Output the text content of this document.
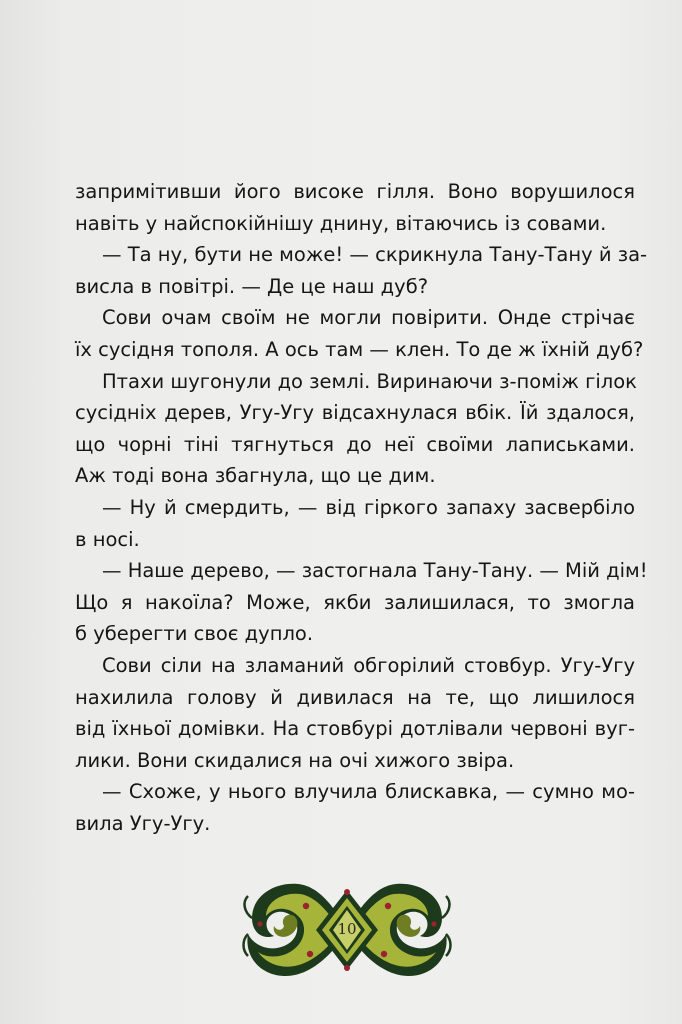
запримітивши його високе гілля. Воно ворушилося
навіть у найспокійнішу днину, вітаючись із совами.
— Та ну, бути не може! — скрикнула Тану-Тану й за-
висла в повітрі. — Де це наш дуб?
Сови очам своїм не могли повірити. Онде стрічає
їх сусідня тополя. А ось там — клен. То де ж їхній дуб?
Птахи шугонули до землі. Виринаючи з-поміж гілок
сусідніх дерев, Угу-Угу відсахнулася вбік. Їй здалося,
що чорні тіні тягнуться до неї своїми лаписьками.
Аж тоді вона збагнула, що це дим.
— Ну й смердить, — від гіркого запаху засвербіло
в носі.
— Наше дерево, — застогнала Тану-Тану. — Мій дім!
Що я накоїла? Може, якби залишилася, то змогла
б уберегти своє дупло.
Сови сіли на зламаний обгорілий стовбур. Угу-Угу
нахилила голову й дивилася на те, що лишилося
від їхньої домівки. На стовбурі дотлівали червоні вуг-
лики. Вони скидалися на очі хижого звіра.
— Схоже, у нього влучила блискавка, — сумно мо-
вила Угу-Угу.
10
